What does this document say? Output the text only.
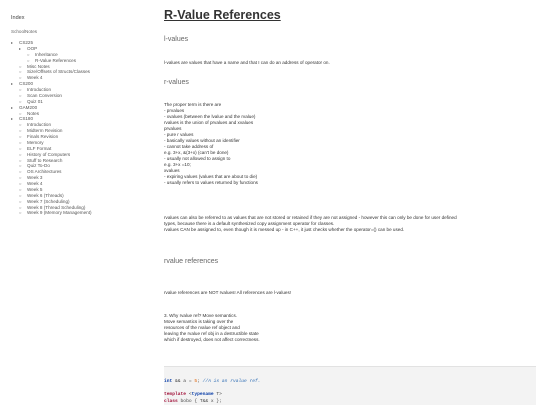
Index
SchoolNotes
▸ CS225
▸ OOP
○ Inheritance
○ R-Value References
○ Misc Notes
○ Size/Offsets of Structs/Classes
○ Week 4
▸ CS200
○ Introduction
○ Scan Conversion
○ Quiz 01
▸ GAM200
○ Notes
▸ CS180
○ Introduction
○ Midterm Revision
○ Finals Revision
○ Memory
○ ELF Format
○ History of Computers
○ Stuff to Research
○ Quiz To-Do
○ OS Architectures
○ Week 3
○ Week 4
○ Week 5
○ Week 6 (Threads)
○ Week 7 (Scheduling)
○ Week 8 (Thread Scheduling)
○ Week 9 (Memory Management)
R-Value References
l-values
l-values are values that have a name and that I can do an address of operator on.
r-values
The proper term is there are
- prvalues
- xvalues (between the lvalue and the rvalue)
rvalues is the union of prvalues and xvalues
prvalues
- pure r values
- basically values without an identifier
- cannot take address of
e.g. 3+x, &(3+x) (can't be done)
- usually not allowed to assign to
e.g. 3+x =10;
xvalues
- expiring values (values that are about to die)
- usually refers to values returned by functions
rvalues can also be referred to as values that are not stored or retained if they are not assigned - however this can only be done for user defined
types, because there is a default synthesized copy assignment operator for classes.
rvalues CAN be assigned to, even though it is messed up - in C++, it just checks whether the operator=() can be used.
rvalue references
rvalue references are NOT rvalues! All references are l-values!
3. Why rvalue ref? Move semantics.
Move semantics is taking over the
resources of the rvalue ref object and
leaving the rvalue ref obj in a destructible state
which if destroyed, does not affect correctness.
int && a = 5; //A is an rvalue ref.
template <typename T>
class bobo { T&& x };
